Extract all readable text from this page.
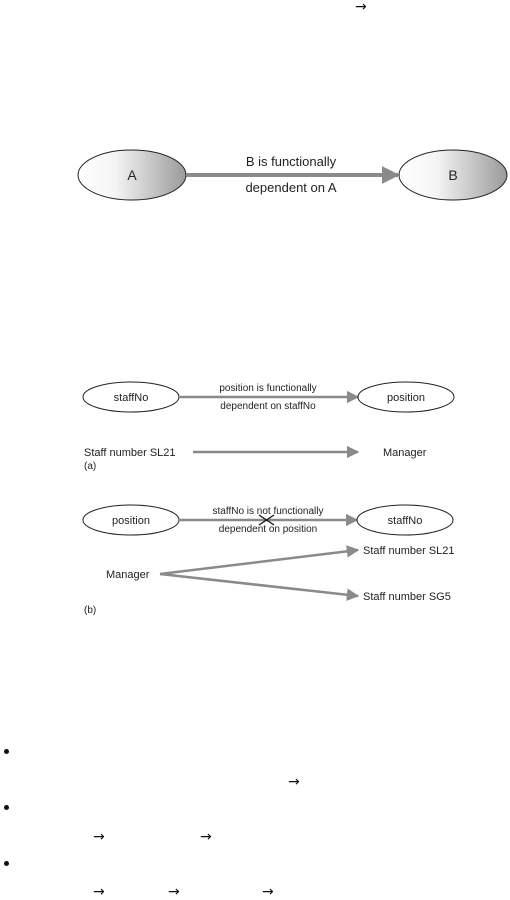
→
A
B is functionally
dependent on A
B
staffNo
position is functionally
dependent on staffNo
position
Staff number SL21	Manager
(a)
position
staffNo is not functionally
dependent on position
staffNo
Manager
Staff number SL21
Staff number SG5
(b)
→
→	→
→	→	→
